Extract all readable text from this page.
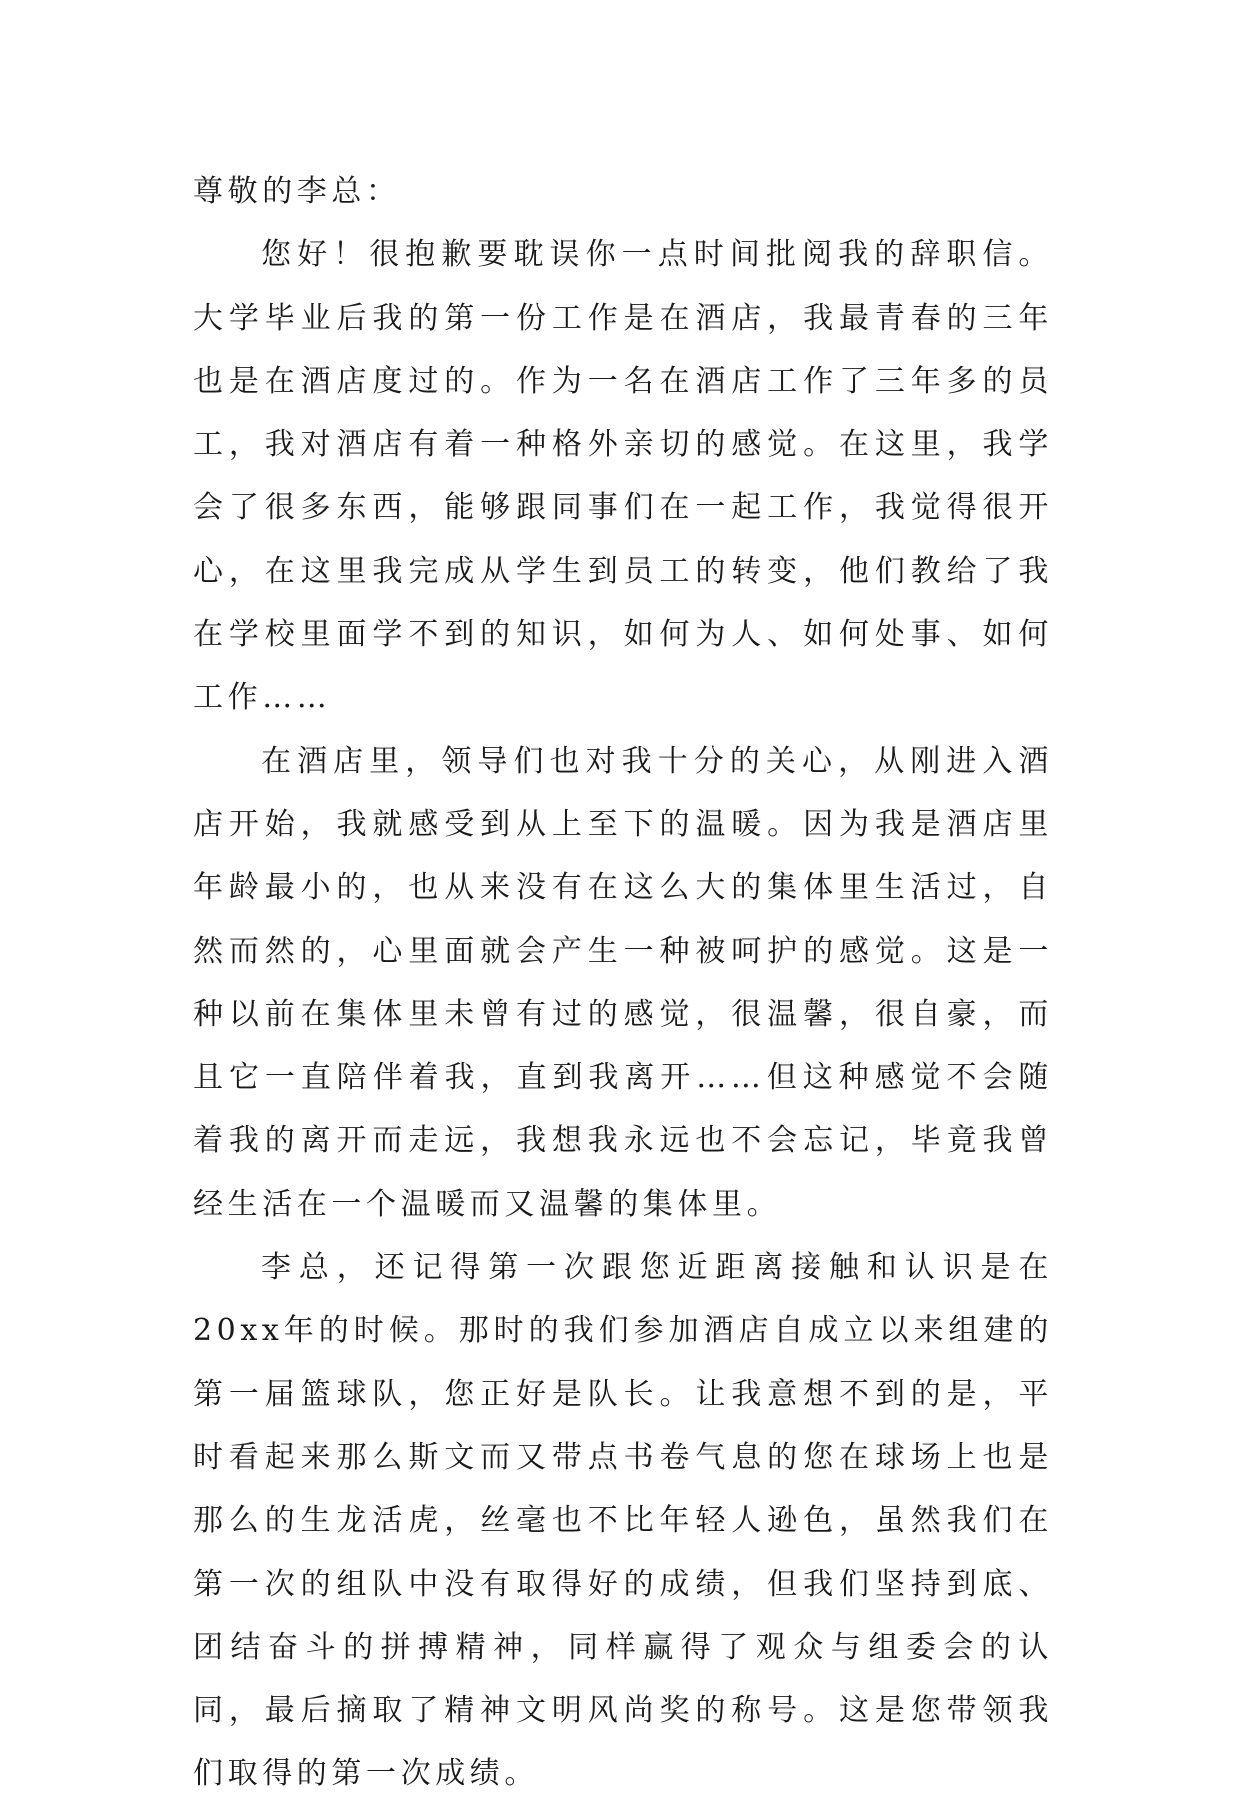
尊敬的李总：

您好！很抱歉要耽误你一点时间批阅我的辞职信。大学毕业后我的第一份工作是在酒店，我最青春的三年也是在酒店度过的。作为一名在酒店工作了三年多的员工，我对酒店有着一种格外亲切的感觉。在这里，我学会了很多东西，能够跟同事们在一起工作，我觉得很开心，在这里我完成从学生到员工的转变，他们教给了我在学校里面学不到的知识，如何为人、如何处事、如何工作……

在酒店里，领导们也对我十分的关心，从刚进入酒店开始，我就感受到从上至下的温暖。因为我是酒店里年龄最小的，也从来没有在这么大的集体里生活过，自然而然的，心里面就会产生一种被呵护的感觉。这是一种以前在集体里未曾有过的感觉，很温馨，很自豪，而且它一直陪伴着我，直到我离开……但这种感觉不会随着我的离开而走远，我想我永远也不会忘记，毕竟我曾经生活在一个温暖而又温馨的集体里。

李总，还记得第一次跟您近距离接触和认识是在20xx年的时候。那时的我们参加酒店自成立以来组建的第一届篮球队，您正好是队长。让我意想不到的是，平时看起来那么斯文而又带点书卷气息的您在球场上也是那么的生龙活虎，丝毫也不比年轻人逊色，虽然我们在第一次的组队中没有取得好的成绩，但我们坚持到底、团结奋斗的拼搏精神，同样赢得了观众与组委会的认同，最后摘取了精神文明风尚奖的称号。这是您带领我们取得的第一次成绩。
